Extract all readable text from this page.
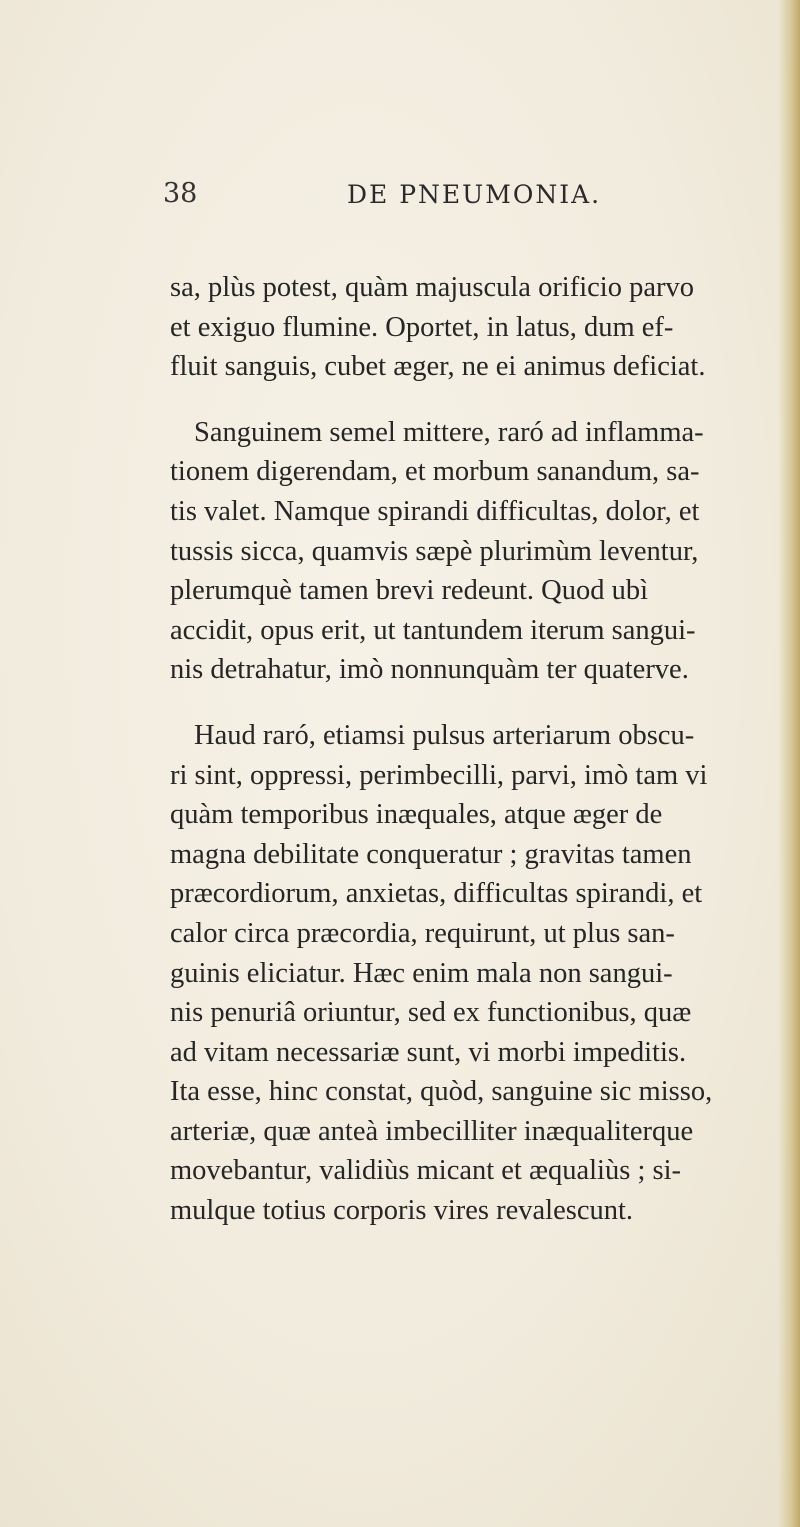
38	DE PNEUMONIA.
sa, plùs potest, quàm majuscula orificio parvo
et exiguo flumine. Oportet, in latus, dum ef-
fluit sanguis, cubet æger, ne ei animus deficiat.
Sanguinem semel mittere, raró ad inflamma-
tionem digerendam, et morbum sanandum, sa-
tis valet. Namque spirandi difficultas, dolor, et
tussis sicca, quamvis sæpè plurimùm leventur,
plerumquè tamen brevi redeunt. Quod ubì
accidit, opus erit, ut tantundem iterum sangui-
nis detrahatur, imò nonnunquàm ter quaterve.
Haud raró, etiamsi pulsus arteriarum obscu-
ri sint, oppressi, perimbecilli, parvi, imò tam vi
quàm temporibus inæquales, atque æger de
magna debilitate conqueratur ; gravitas tamen
præcordiorum, anxietas, difficultas spirandi, et
calor circa præcordia, requirunt, ut plus san-
guinis eliciatur. Hæc enim mala non sangui-
nis penuriâ oriuntur, sed ex functionibus, quæ
ad vitam necessariæ sunt, vi morbi impeditis.
Ita esse, hinc constat, quòd, sanguine sic misso,
arteriæ, quæ anteà imbecilliter inæqualiterque
movebantur, validiùs micant et æqualiùs ; si-
mulque totius corporis vires revalescunt.
